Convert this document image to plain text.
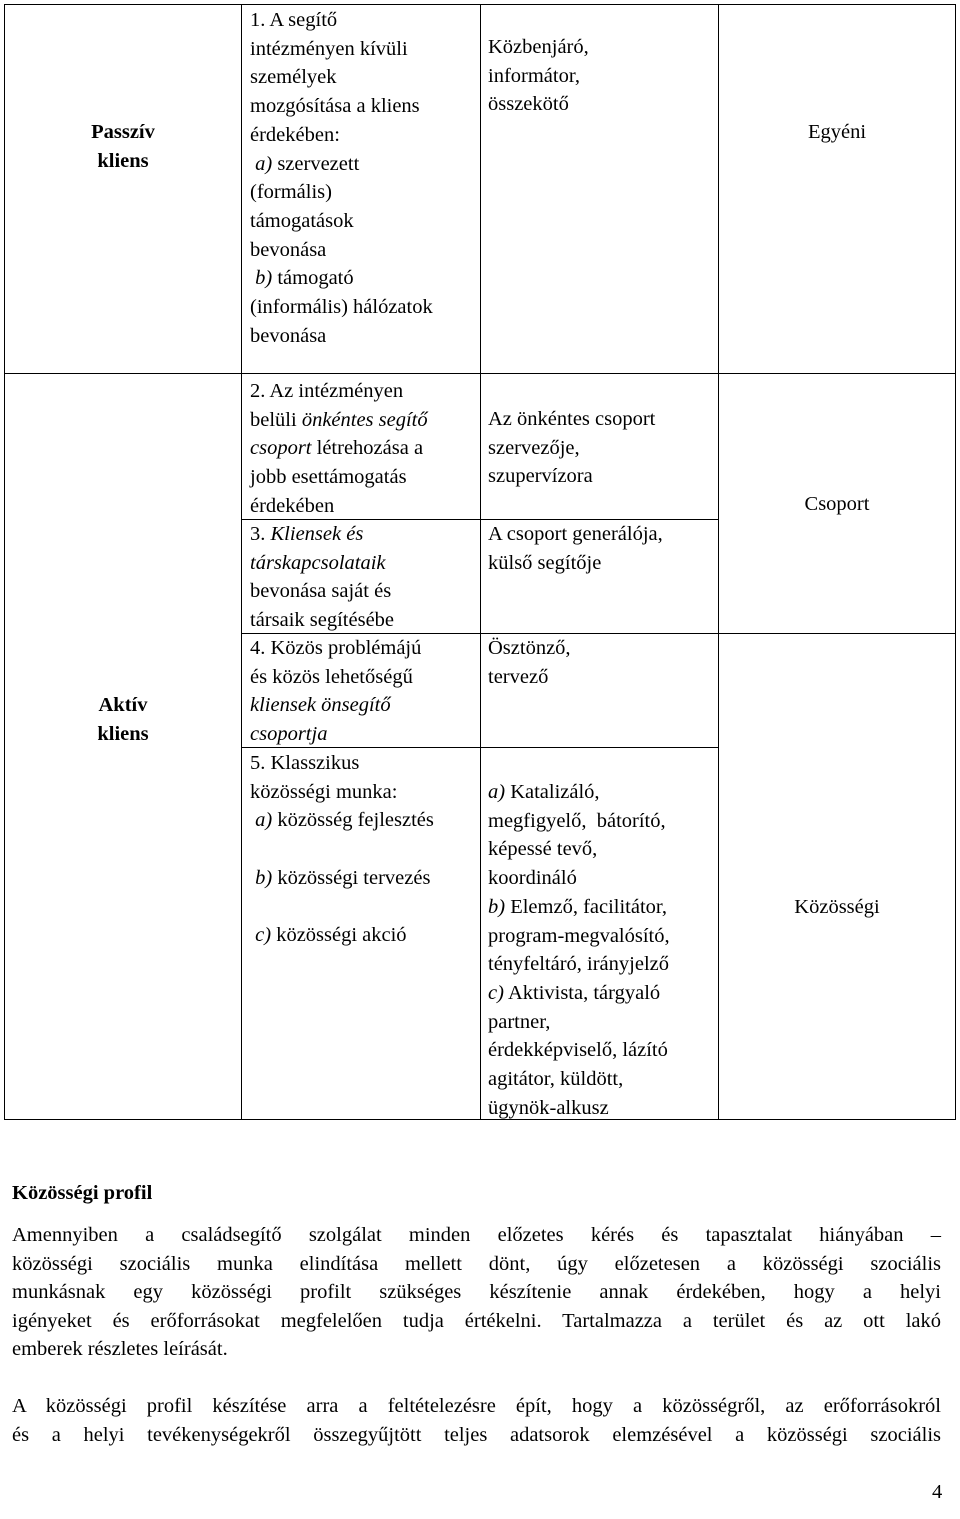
Passzív
kliens
1. A segítő
intézményen kívüli
személyek
mozgósítása a kliens
érdekében:
a) szervezett
(formális)
támogatások
bevonása
b) támogató
(informális) hálózatok
bevonása
Közbenjáró,
informátor,
összekötő
Egyéni
Aktív
kliens
2. Az intézményen
belüli önkéntes segítő
csoport létrehozása a
jobb esettámogatás
érdekében
3. Kliensek és
társkapcsolataik
bevonása saját és
társaik segítésébe
4. Közös problémájú
és közös lehetőségű
kliensek önsegítő
csoportja
5. Klasszikus
közösségi munka:
a) közösség fejlesztés

b) közösségi tervezés

c) közösségi akció
Az önkéntes csoport
szervezője,
szupervízora
A csoport generálója,
külső segítője
Ösztönző,
tervező
a) Katalizáló,
megfigyelő,  bátorító,
képessé tevő,
koordináló
b) Elemző, facilitátor,
program-megvalósító,
tényfeltáró, irányjelző
c) Aktivista, tárgyaló
partner,
érdekképviselő, lázító
agitátor, küldött,
ügynök-alkusz
Csoport
Közösségi
Közösségi profil
Amennyiben a családsegítő szolgálat minden előzetes kérés és tapasztalat hiányában –
közösségi szociális munka elindítása mellett dönt, úgy előzetesen a közösségi szociális
munkásnak egy közösségi profilt szükséges készítenie annak érdekében, hogy a helyi
igényeket és erőforrásokat megfelelően tudja értékelni. Tartalmazza a terület és az ott lakó
emberek részletes leírását.
A közösségi profil készítése arra a feltételezésre épít, hogy a közösségről, az erőforrásokról
és a helyi tevékenységekről összegyűjtött teljes adatsorok elemzésével a közösségi szociális
4
